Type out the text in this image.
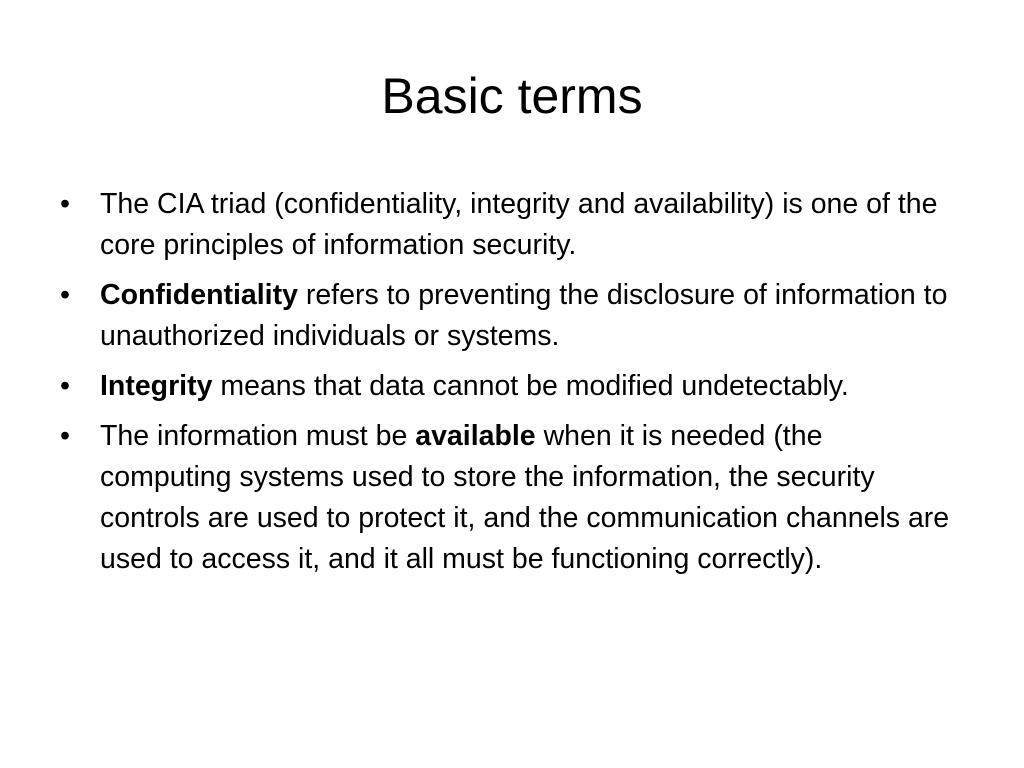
Basic terms
•	The CIA triad (confidentiality, integrity and availability) is one of the core principles of information security.
•	Confidentiality refers to preventing the disclosure of information to unauthorized individuals or systems.
•	Integrity means that data cannot be modified undetectably.
•	The information must be available when it is needed (the computing systems used to store the information, the security controls are used to protect it, and the communication channels are used to access it, and it all must be functioning correctly).
